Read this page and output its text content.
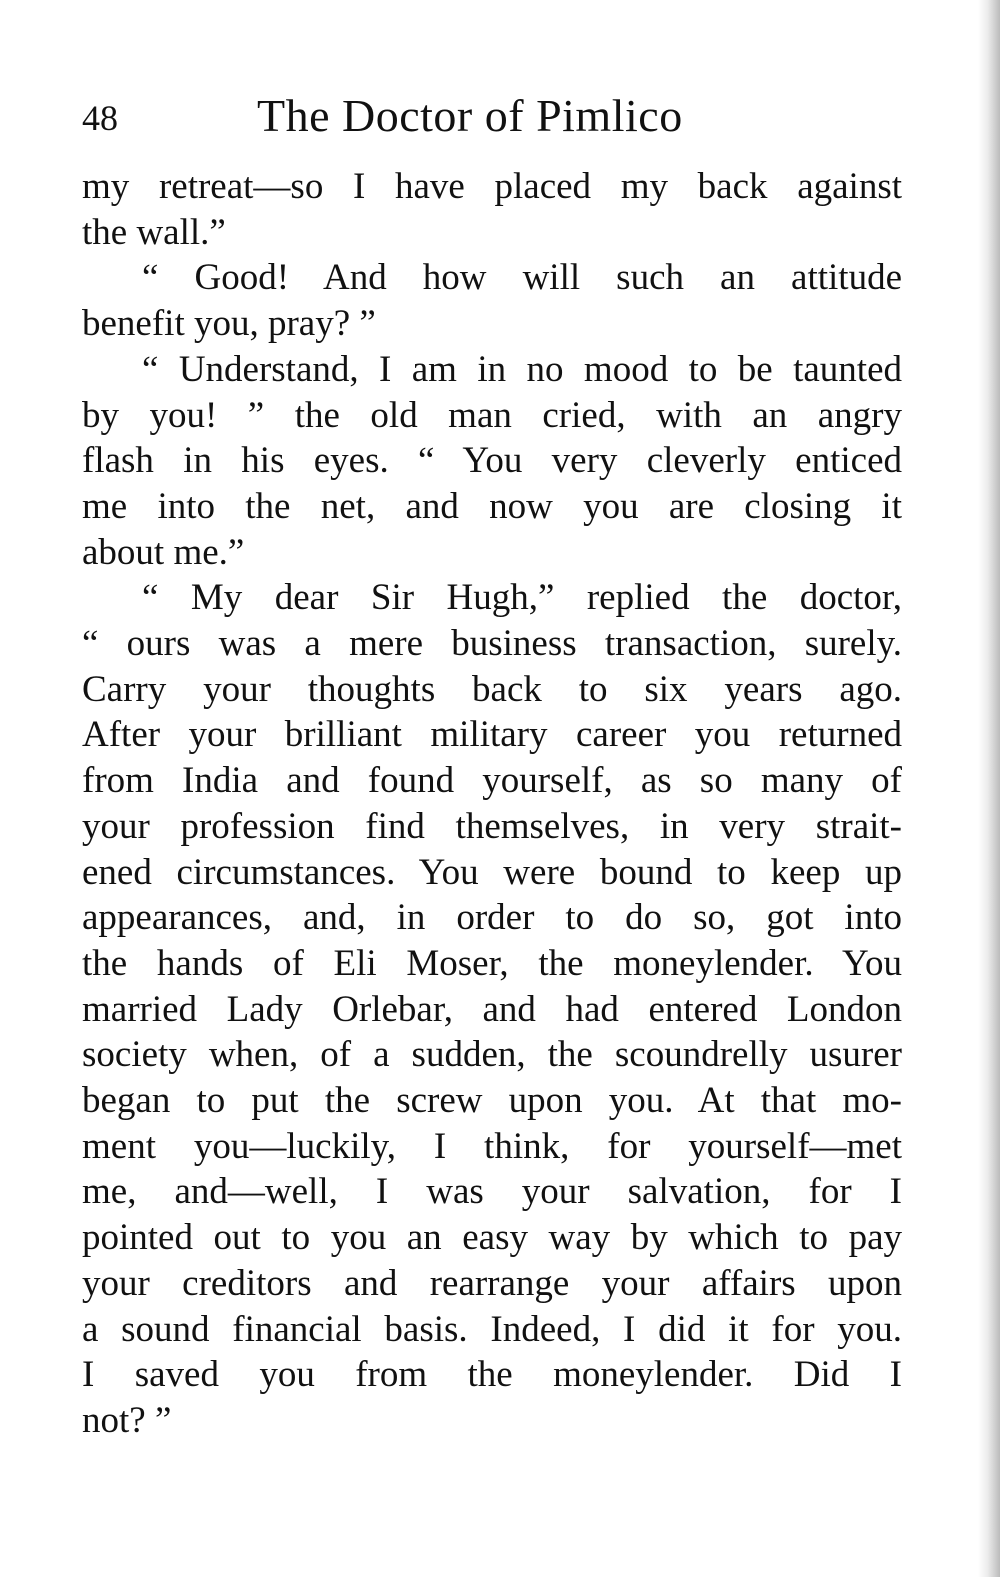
48	The Doctor of Pimlico

my retreat—so I have placed my back against

the wall.”

“ Good! And how will such an attitude

benefit you, pray? ”

“ Understand, I am in no mood to be taunted

by you! ” the old man cried, with an angry

flash in his eyes. “ You very cleverly enticed

me into the net, and now you are closing it

about me.”

“ My dear Sir Hugh,” replied the doctor,

“ ours was a mere business transaction, surely.

Carry your thoughts back to six years ago.

After your brilliant military career you returned

from India and found yourself, as so many of

your profession find themselves, in very strait-

ened circumstances. You were bound to keep up

appearances, and, in order to do so, got into

the hands of Eli Moser, the moneylender. You

married Lady Orlebar, and had entered London

society when, of a sudden, the scoundrelly usurer

began to put the screw upon you. At that mo-

ment you—luckily, I think, for yourself—met

me, and—well, I was your salvation, for I

pointed out to you an easy way by which to pay

your creditors and rearrange your affairs upon

a sound financial basis. Indeed, I did it for you.

I saved you from the moneylender. Did I

not? ”
